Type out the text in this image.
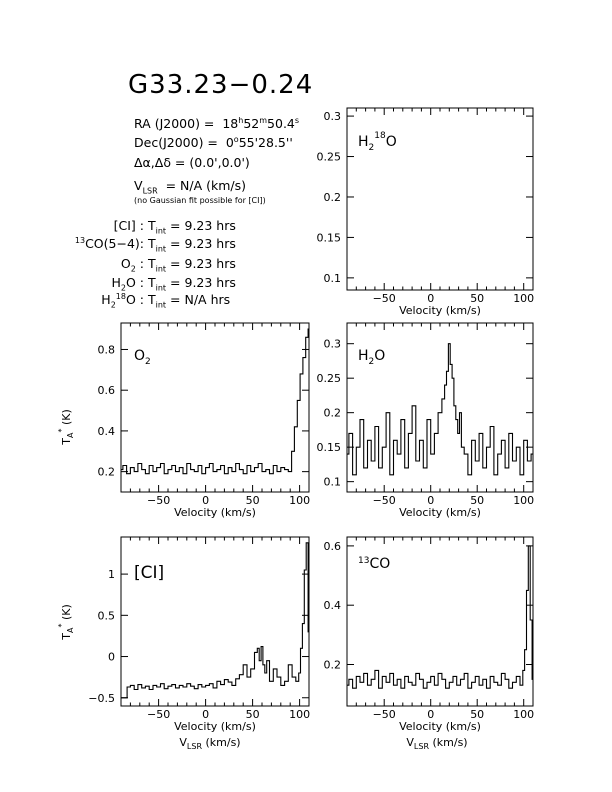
G33.23−0.24
RA $(J2000) = 18^h52^m50.4^s$
$Dec(J2000) = 0^o55'28.5''$
Δα,Δδ = (0.0',0.0')
$V_{LSR} = N/A$ (km/s)
(no Gaussian fit possible for [CI])
[CI] : $T_{int} = 9.23$ hrs
$^{13}$CO(5−4): $T_{int} = 9.23$ hrs
$O_2$ : $T_{int} = 9.23$ hrs
$H_2O$ : $T_{int} = 9.23$ hrs
$H_2^{18}O$ : $T_{int} = N/A$ hrs
$H_2^{18}O$
$O_2$	$H_2O$
[CI]
$^{13}$CO
$T_A^*$ (K)
$T_A^*$ (K)
$V_{LSR}$ (km/s)	$V_{LSR}$ (km/s)
−50	0	50	100
Velocity (km/s)
0.1
0.15
0.2
0.25
0.3
−50	0	50	100
Velocity (km/s)
0.2
0.4
0.6
0.8
−50	0	50	100
Velocity (km/s)
0.1
0.15
0.2
0.25
0.3
−50	0	50	100
Velocity (km/s)
−0.5
0
0.5
1
−50	0	50	100
Velocity (km/s)
0.2
0.4
0.6
